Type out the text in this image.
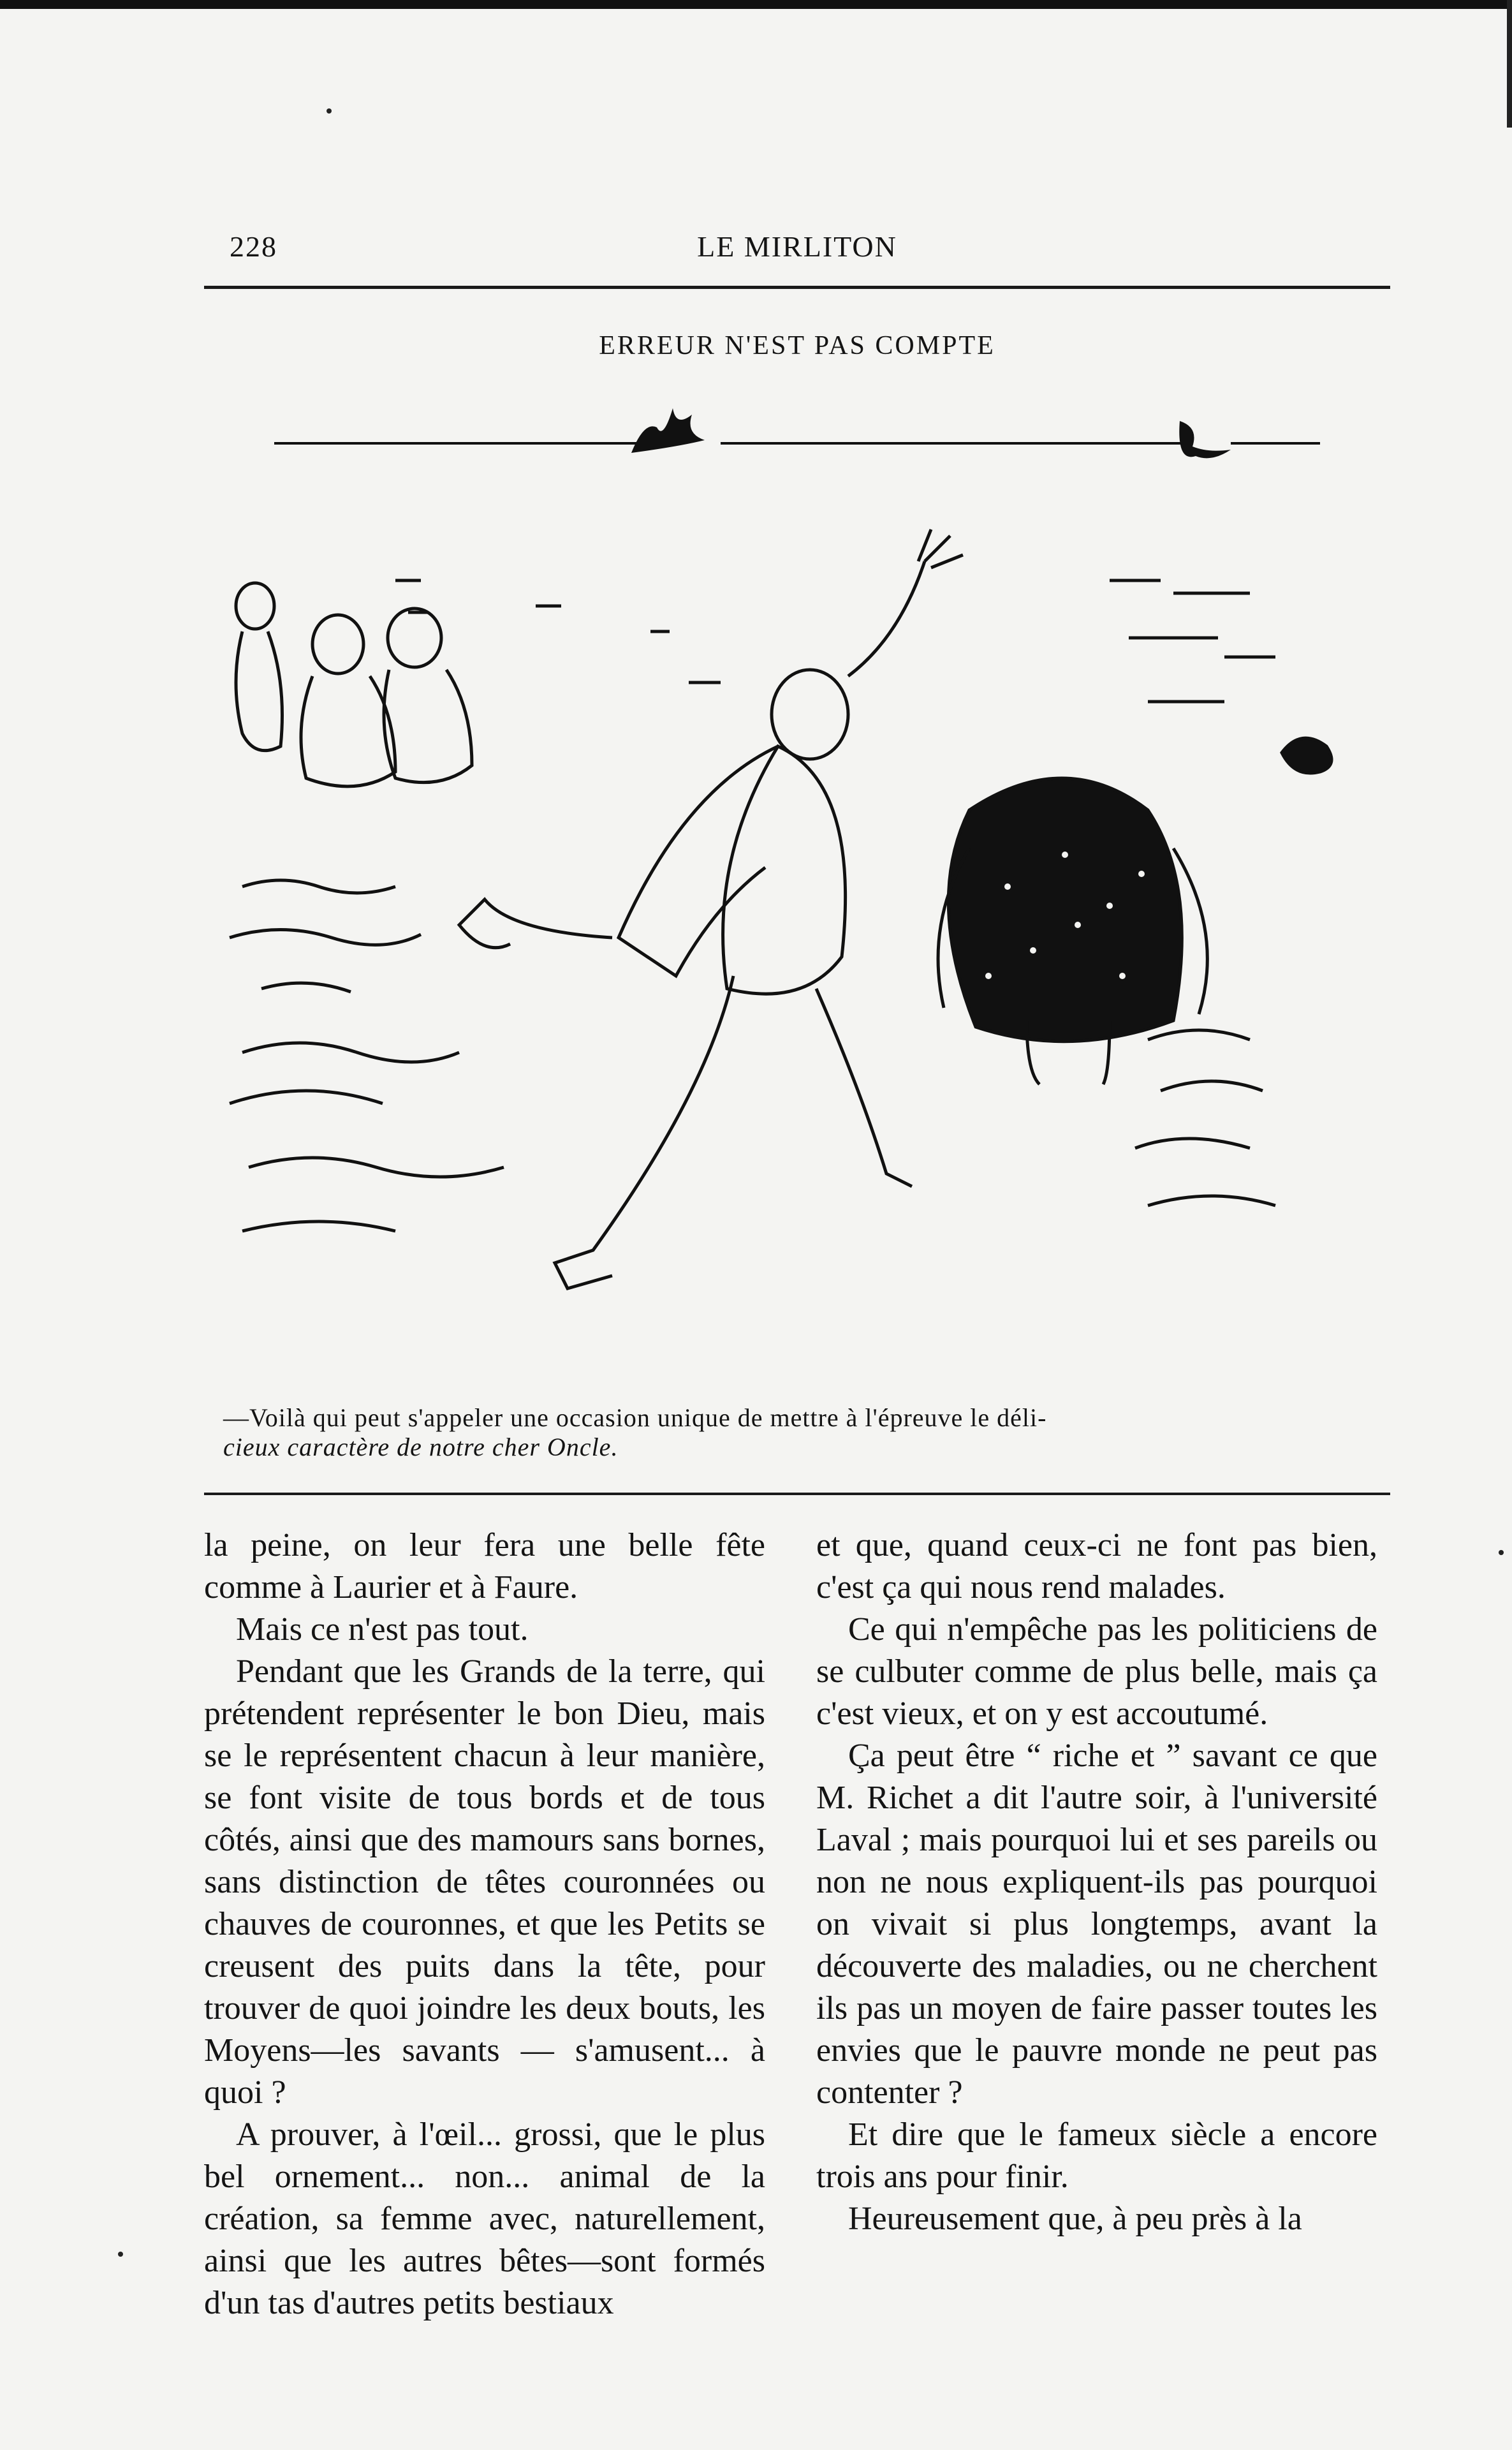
228	LE MIRLITON
ERREUR N'EST PAS COMPTE
—Voilà qui peut s'appeler une occasion unique de mettre à l'épreuve le déli-
cieux caractère de notre cher Oncle.

la peine, on leur fera une belle fête comme à Laurier et à Faure.

Mais ce n'est pas tout.

Pendant que les Grands de la terre, qui prétendent représenter le bon Dieu, mais se le représentent chacun à leur manière, se font visite de tous bords et de tous côtés, ainsi que des mamours sans bornes, sans distinction de têtes couronnées ou chauves de couronnes, et que les Petits se creusent des puits dans la tête, pour trouver de quoi joindre les deux bouts, les Moyens—les savants — s'amusent... à quoi ?

A prouver, à l'œil... grossi, que le plus bel ornement... non... animal de la création, sa femme avec, naturellement, ainsi que les autres bêtes—sont formés d'un tas d'autres petits bestiaux

et que, quand ceux-ci ne font pas bien, c'est ça qui nous rend malades.

Ce qui n'empêche pas les politiciens de se culbuter comme de plus belle, mais ça c'est vieux, et on y est accoutumé.

Ça peut être “ riche et ” savant ce que M. Richet a dit l'autre soir, à l'université Laval ; mais pourquoi lui et ses pareils ou non ne nous expliquent-ils pas pourquoi on vivait si plus longtemps, avant la découverte des maladies, ou ne cherchent ils pas un moyen de faire passer toutes les envies que le pauvre monde ne peut pas contenter ?

Et dire que le fameux siècle a encore trois ans pour finir.

Heureusement que, à peu près à la
